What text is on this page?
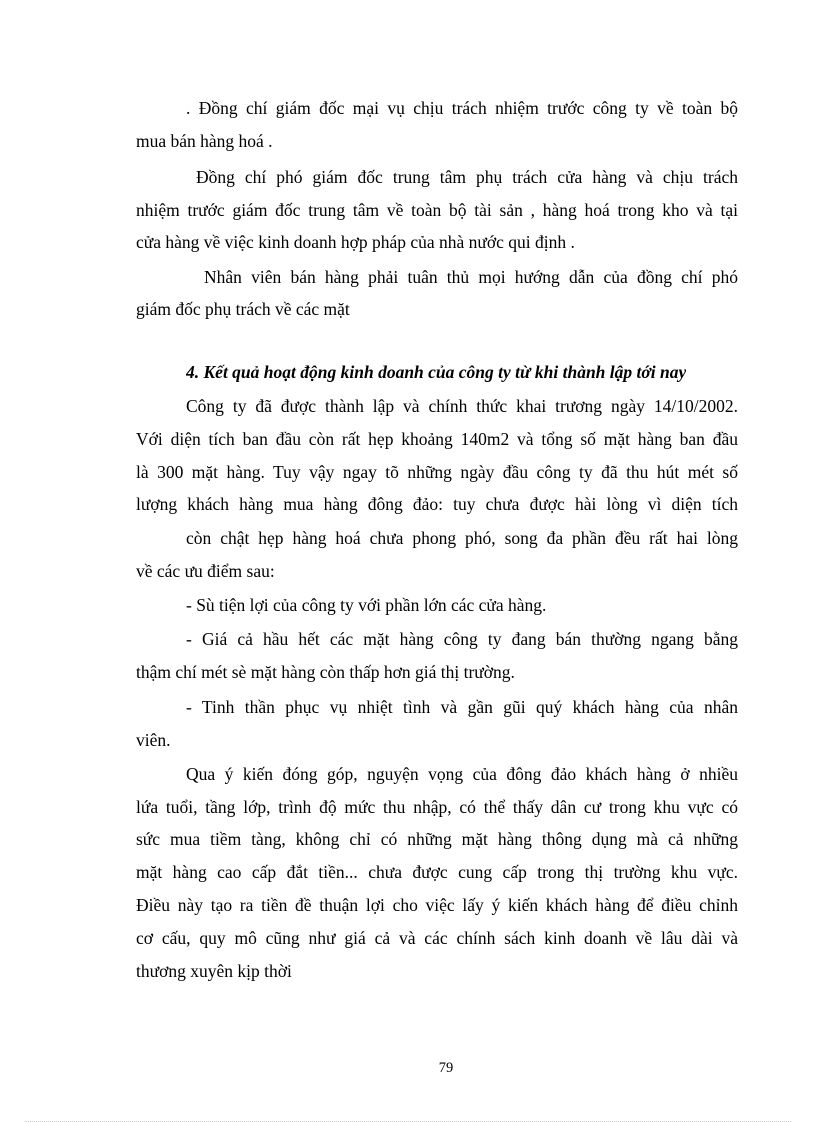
. Đồng chí giám đốc mại vụ chịu trách nhiệm trước công ty về toàn bộ
mua bán hàng hoá .
Đồng chí phó giám đốc trung tâm phụ trách cửa hàng và chịu trách
nhiệm trước giám đốc trung tâm về toàn bộ tài sản , hàng hoá trong kho và tại
cửa hàng về việc kinh doanh hợp pháp của nhà nước qui định .
Nhân viên bán hàng phải tuân thủ mọi hướng dẫn của đồng chí phó
giám đốc phụ trách về các mặt
4. Kết quả hoạt động kinh doanh của công ty từ khi thành lập tới nay
Công ty đã được thành lập và chính thức khai trương ngày 14/10/2002.
Với diện tích ban đầu còn rất hẹp khoảng 140m2 và tổng số mặt hàng ban đầu
là 300 mặt hàng. Tuy vậy ngay tõ những ngày đầu công ty đã thu hút mét số
lượng khách hàng mua hàng đông đảo: tuy chưa được hài lòng vì diện tích
còn chật hẹp hàng hoá chưa phong phó, song đa phần đều rất hai lòng
về các ưu điểm sau:
- Sù tiện lợi của công ty với phần lớn các cửa hàng.
- Giá cả hầu hết các mặt hàng công ty đang bán thường ngang bằng
thậm chí mét sè mặt hàng còn thấp hơn giá thị trường.
- Tinh thần phục vụ nhiệt tình và gần gũi quý khách hàng của nhân
viên.
Qua ý kiến đóng góp, nguyện vọng của đông đảo khách hàng ở nhiều
lứa tuổi, tầng lớp, trình độ mức thu nhập, có thể thấy dân cư trong khu vực có
sức mua tiềm tàng, không chỉ có những mặt hàng thông dụng mà cả những
mặt hàng cao cấp đắt tiền... chưa được cung cấp trong thị trường khu vực.
Điều này tạo ra tiền đề thuận lợi cho việc lấy ý kiến khách hàng để điều chỉnh
cơ cấu, quy mô cũng như giá cả và các chính sách kinh doanh về lâu dài và
thương xuyên kịp thời
79
